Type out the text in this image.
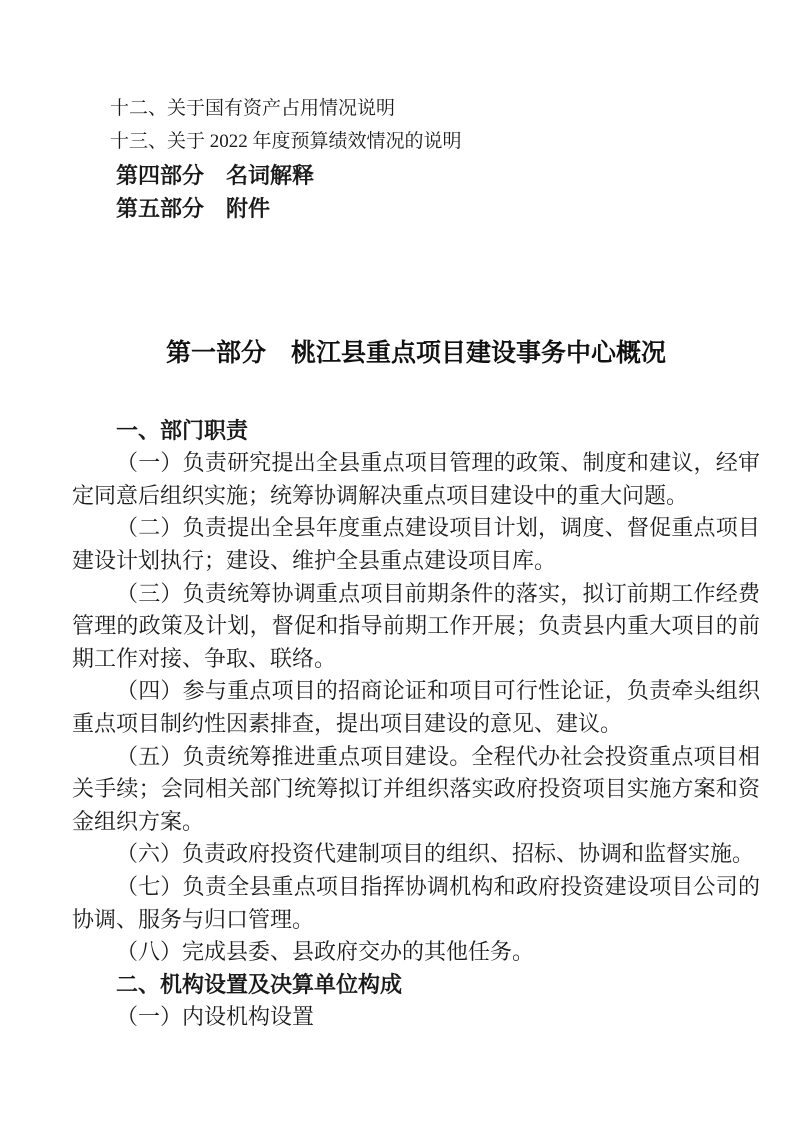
十二、关于国有资产占用情况说明

十三、关于 2022 年度预算绩效情况的说明

第四部分　名词解释

第五部分　附件

第一部分　桃江县重点项目建设事务中心概况

一、部门职责

（一）负责研究提出全县重点项目管理的政策、制度和建议，经审定同意后组织实施；统筹协调解决重点项目建设中的重大问题。

（二）负责提出全县年度重点建设项目计划，调度、督促重点项目建设计划执行；建设、维护全县重点建设项目库。

（三）负责统筹协调重点项目前期条件的落实，拟订前期工作经费管理的政策及计划，督促和指导前期工作开展；负责县内重大项目的前期工作对接、争取、联络。

（四）参与重点项目的招商论证和项目可行性论证，负责牵头组织重点项目制约性因素排查，提出项目建设的意见、建议。

（五）负责统筹推进重点项目建设。全程代办社会投资重点项目相关手续；会同相关部门统筹拟订并组织落实政府投资项目实施方案和资金组织方案。

（六）负责政府投资代建制项目的组织、招标、协调和监督实施。

（七）负责全县重点项目指挥协调机构和政府投资建设项目公司的协调、服务与归口管理。

（八）完成县委、县政府交办的其他任务。

二、机构设置及决算单位构成

（一）内设机构设置
